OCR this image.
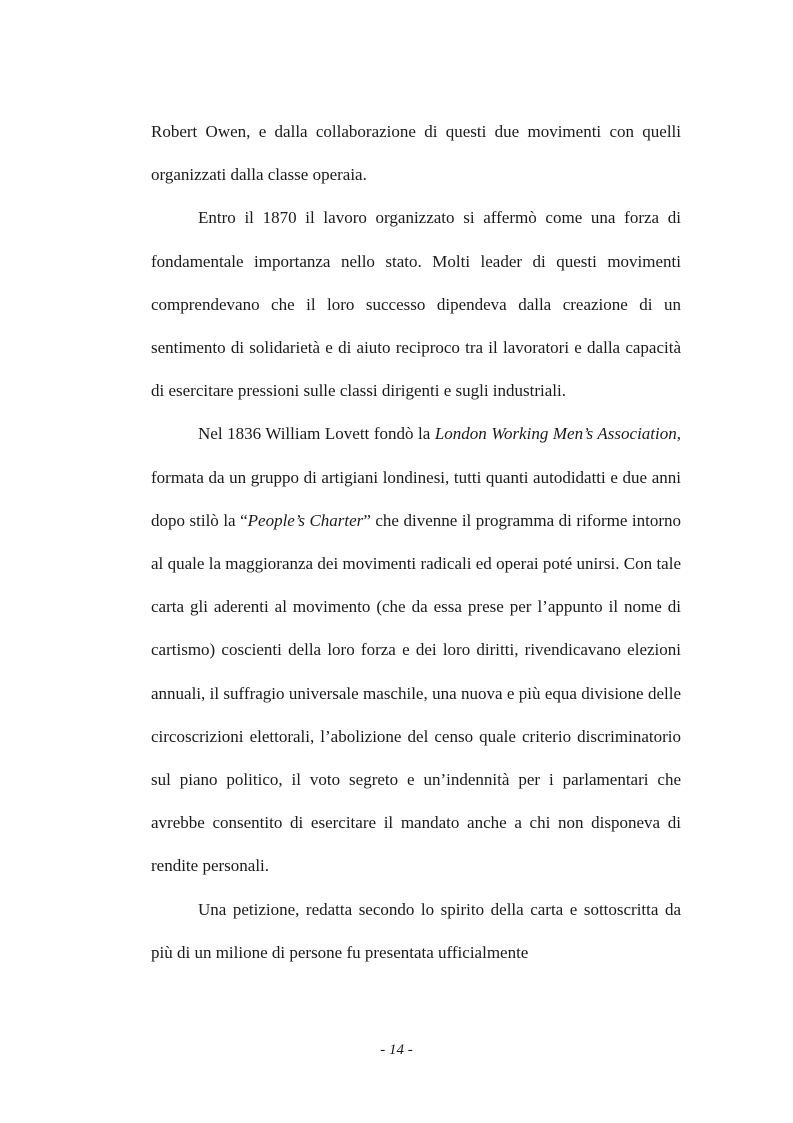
Robert Owen, e dalla collaborazione di questi due movimenti con quelli organizzati dalla classe operaia.

Entro il 1870 il lavoro organizzato si affermò come una forza di fondamentale importanza nello stato. Molti leader di questi movimenti comprendevano che il loro successo dipendeva dalla creazione di un sentimento di solidarietà e di aiuto reciproco tra il lavoratori e dalla capacità di esercitare pressioni sulle classi dirigenti e sugli industriali.

Nel 1836 William Lovett fondò la London Working Men’s Association, formata da un gruppo di artigiani londinesi, tutti quanti autodidatti e due anni dopo stilò la “People’s Charter” che divenne il programma di riforme intorno al quale la maggioranza dei movimenti radicali ed operai poté unirsi. Con tale carta gli aderenti al movimento (che da essa prese per l’appunto il nome di cartismo) coscienti della loro forza e dei loro diritti, rivendicavano elezioni annuali, il suffragio universale maschile, una nuova e più equa divisione delle circoscrizioni elettorali, l’abolizione del censo quale criterio discriminatorio sul piano politico, il voto segreto e un’indennità per i parlamentari che avrebbe consentito di esercitare il mandato anche a chi non disponeva di rendite personali.

Una petizione, redatta secondo lo spirito della carta e sottoscritta da più di un milione di persone fu presentata ufficialmente

- 14 -
